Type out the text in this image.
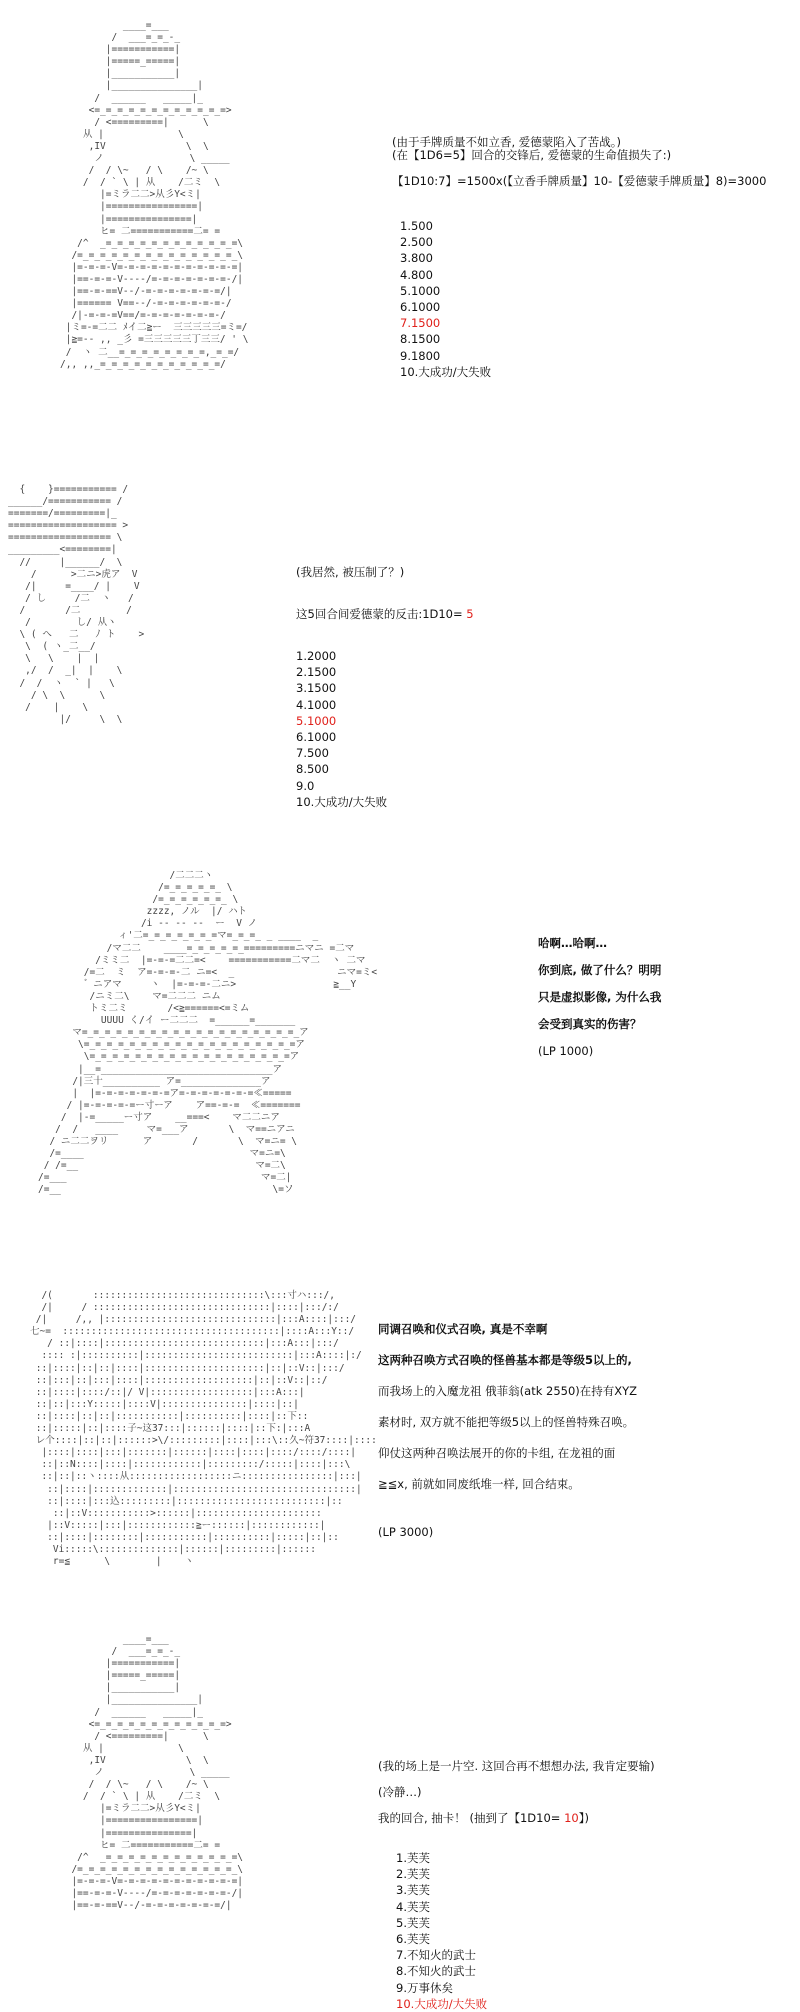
____=___
/  ___=_=_-_
|===========|
|=====_=====|
|___________|
|_______________|
/  ______   _____|_
<=_=_=_=_=_=_=_=_=_=_=_=>
/ <=========|      \
从 |             \
,IV              \  \
ノ               \ _____
/  / \~   / \    /~ \
/  / ` \ | 从    /二ミ  \
|=ミラ二二>从彡Y<ミ|
|================|
|===============|
ヒ= 二===========二= =
/^  _=_=_=_=_=_=_=_=_=_=_=_=\
/=_=_=_=_=_=_=_=_=_=_=_=_=_=_\
|=-=-=-V=-=-=-=-=-=-=-=-=-=-=|
|==-=-=-V----/=-=-=-=-=-=-=-/|
|==-=-==V--/-=-=-=-=-=-=-=/|
|====== V==--/-=-=-=-=-=-=-/
/|-=-=-=V==/=-=-=-=-=-=-=-/
|ミ=-=二二 ﾒイ二≧ー  三三三三三=ミ=/
|≧=-- ,, _彡 =三三三三三丁三三/ ' \
/  ヽ 二__=_=_=_=_=_=_=_=,_=_=/
/,, ,,_=_=_=_=_=_=_=_=_=_=_=/
(由于手牌质量不如立香, 爱德蒙陷入了苦战。)
(在【1D6=5】回合的交锋后, 爱德蒙的生命值损失了:)

【1D10:7】=1500x(【立香手牌质量】10-【爱德蒙手牌质量】8)=3000
1.500
2.500
3.800
4.800
5.1000
6.1000
7.1500
8.1500
9.1800
10.大成功/大失败
{    }=========== /
______/=========== /
=======/=========|_
=================== >
================== \
_________<========|
//     |______/  \
/      >二ニ>虎ア  V
/|     =____/ |    V
/ し     /二  ヽ   /
/       /二        /
/        し/ 从ヽ
\ ( へ   二   ﾉ ト    >
\  ( ヽ_二__/
\   \    |  |
,/  /  _|  |    \
/  /  ヽ  ` |   \
/ \  \      \
/    |    \
|/     \  \
(我居然, 被压制了？)

这5回合间爱德蒙的反击:1D10= 5
1.2000
2.1500
3.1500
4.1000
5.1000
6.1000
7.500
8.500
9.0
10.大成功/大失败
/二二二ヽ
/=_=_=_=_=_ \
/=_=_=_=_=_=_ \
zzzz, ノル  |/ ハト
/i -- -- --  ー  V ノ
ィ'二=_=_=_=_=_=_=マ=_=_=_ _ ____  _
/マ二二    ____=_=_=_=_=_=========ニマニ =二マ
/ミミ二  |=-=-=二二=<    ===========二マ二  ヽ 二マ
/=二  ミ  ア=-=-=-二 ニ=<  _                  ニマ=ミ<
゛ニアマ     ヽ  |=-=-=-二ニ>                 ≧__Y
/ニミ二\    マ=二二二 ニム
トミ二ミ       /<≧======<=ミム
UUUU く/イ ー二二二  =______=_______
マ=_=_=_=_=_=_=_=_=_=_=_=_=_=_=_=_=_=_=_ア
\=_=_=_=_=_=_=_=_=_=_=_=_=_=_=_=_=_=_=ア
\=_=_=_=_=_=_=_=_=_=_=_=_=_=_=_=_=_=ア
|__=______________________________ア
/|三十__________ ア=______________ア
|  |=-=-=-=-=-=-=ア=-=-=-=-=-=-=≪=====
/ |=-=-=-=-=ー寸ーア    ア==-=-=  ≪=======
/  |-=_____ー寸ア    __===<    マ二二ニア
/  /   ____     マ=___ア       \  マ==ニアニ
/ ニ二二ヲリ      ア       /       \  マ=ニ= \
/=____                             マ=ニ=\
/ /=__                               マ=二\
/=___                                  マ=二|
/=__                                     \=ソ
哈啊…哈啊…
你到底, 做了什么？明明
只是虚拟影像, 为什么我
会受到真实的伤害？
(LP 1000)
/(       ::::::::::::::::::::::::::::::\:::寸ハ:::/,
/|     / :::::::::::::::::::::::::::::::|::::|:::/:/
/|     /,, |::::::::::::::::::::::::::::::|:::A::::|:::/
七~=  ::::::::::::::::::::::::::::::::::::::|::::A:::Y::/
/ ::|::::|::::::::::::::::::::::::::::|:::A:::|:::/
:::: :|::::::::::|::::::::::::::::::::::::::|:::A::::|:/
::|::::|::|::|::::|:::::::::::::::::::::|::|::V::|:::/
::|:::|::|:::|::::|:::::::::::::::::::|::|::V::|::/
::|::::|::::/::|/ V|::::::::::::::::::|:::A:::|
::|::|:::Y:::::|::::V|:::::::::::::::|::::|::|
::|::::|::|::|:::::::::::|::::::::::|::::|::下::
::|:::::|::|::::子~这37:::|::::::|::::|::下:|:::A
レ个::::|::|::|::::::>\/:::::::::|::::|:::\::久~符37::::|::::
|::::|::::|:::|:::::::|::::::|::::|::::|::::/::::/::::|
::|::N::::|::::|::::::::::::|:::::::::/:::::|::::|:::\
::|::|::ヽ::::从::::::::::::::::::ニ::::::::::::::::|:::|
::|::::|:::::::::::::|::::::::::::::::::::::::::::::::|
::|::::|:::込:::::::::|::::::::::::::::::::::::::|::
::|::V:::::::::::>::::::|::::::::::::::::::::::
|::V:::::|:::|::::::::::::≧ー::::::|::::::::::::|
::|::::|::::::::|:::::::::::|::::::::::|:::::|::|::
Vi:::::\::::::::::::::|::::::|:::::::::|::::::
r=≦      \        |    ヽ
同调召唤和仪式召唤, 真是不幸啊
这两种召唤方式召唤的怪兽基本都是等级5以上的,
而我场上的入魔龙祖 俄菲翁(atk 2550)在持有XYZ
素材时, 双方就不能把等级5以上的怪兽特殊召唤。
仰仗这两种召唤法展开的你的卡组, 在龙祖的面
≧≦x, 前就如同废纸堆一样, 回合结束。

(LP 3000)
____=___
/  ___=_=_-_
|===========|
|=====_=====|
|___________|
|_______________|
/  ______   _____|_
<=_=_=_=_=_=_=_=_=_=_=_=>
/ <=========|      \
从 |             \
,IV              \  \
ノ               \ _____
/  / \~   / \    /~ \
/  / ` \ | 从    /二ミ  \
|=ミラ二二>从彡Y<ミ|
|================|
|===============|
ヒ= 二===========二= =
/^  _=_=_=_=_=_=_=_=_=_=_=_=\
/=_=_=_=_=_=_=_=_=_=_=_=_=_=_\
|=-=-=-V=-=-=-=-=-=-=-=-=-=-=|
|==-=-=-V----/=-=-=-=-=-=-=-/|
|==-=-==V--/-=-=-=-=-=-=-=/|
(我的场上是一片空. 这回合再不想想办法, 我肯定要输)

(冷静…)

我的回合, 抽卡！ (抽到了【1D10= 10】)
1.芙芙
2.芙芙
3.芙芙
4.芙芙
5.芙芙
6.芙芙
7.不知火的武士
8.不知火的武士
9.万事休矣
10.大成功/大失败
